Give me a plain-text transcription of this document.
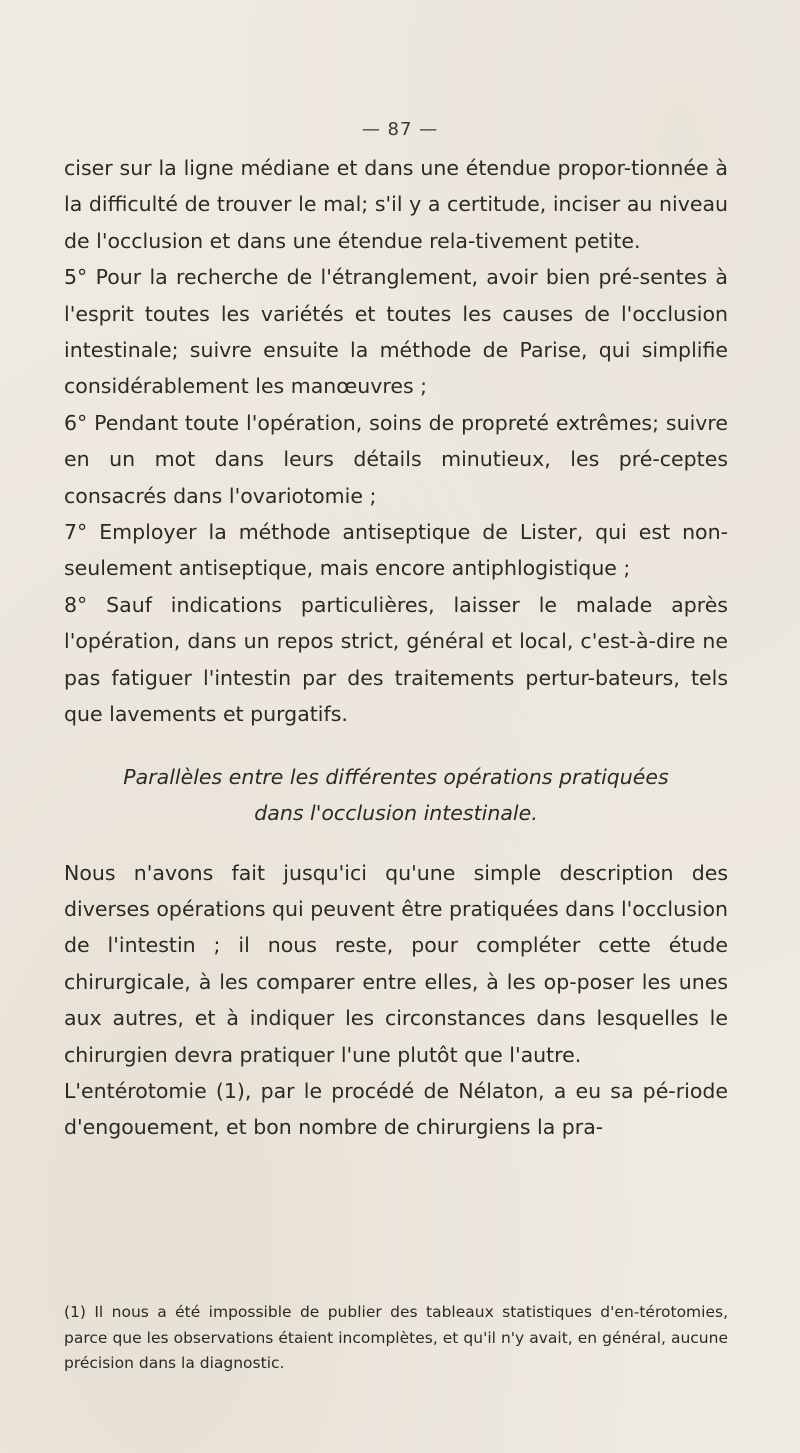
— 87 —

ciser sur la ligne médiane et dans une étendue propor-tionnée à la difficulté de trouver le mal; s'il y a certitude, inciser au niveau de l'occlusion et dans une étendue rela-tivement petite.

5° Pour la recherche de l'étranglement, avoir bien pré-sentes à l'esprit toutes les variétés et toutes les causes de l'occlusion intestinale; suivre ensuite la méthode de Parise, qui simplifie considérablement les manœuvres ;

6° Pendant toute l'opération, soins de propreté extrêmes; suivre en un mot dans leurs détails minutieux, les pré-ceptes consacrés dans l'ovariotomie ;

7° Employer la méthode antiseptique de Lister, qui est non-seulement antiseptique, mais encore antiphlogistique ;

8° Sauf indications particulières, laisser le malade après l'opération, dans un repos strict, général et local, c'est-à-dire ne pas fatiguer l'intestin par des traitements pertur-bateurs, tels que lavements et purgatifs.

Parallèles entre les différentes opérations pratiquées
dans l'occlusion intestinale.

Nous n'avons fait jusqu'ici qu'une simple description des diverses opérations qui peuvent être pratiquées dans l'occlusion de l'intestin ; il nous reste, pour compléter cette étude chirurgicale, à les comparer entre elles, à les op-poser les unes aux autres, et à indiquer les circonstances dans lesquelles le chirurgien devra pratiquer l'une plutôt que l'autre.

L'entérotomie (1), par le procédé de Nélaton, a eu sa pé-riode d'engouement, et bon nombre de chirurgiens la pra-

(1) Il nous a été impossible de publier des tableaux statistiques d'en-térotomies, parce que les observations étaient incomplètes, et qu'il n'y avait, en général, aucune précision dans la diagnostic.
